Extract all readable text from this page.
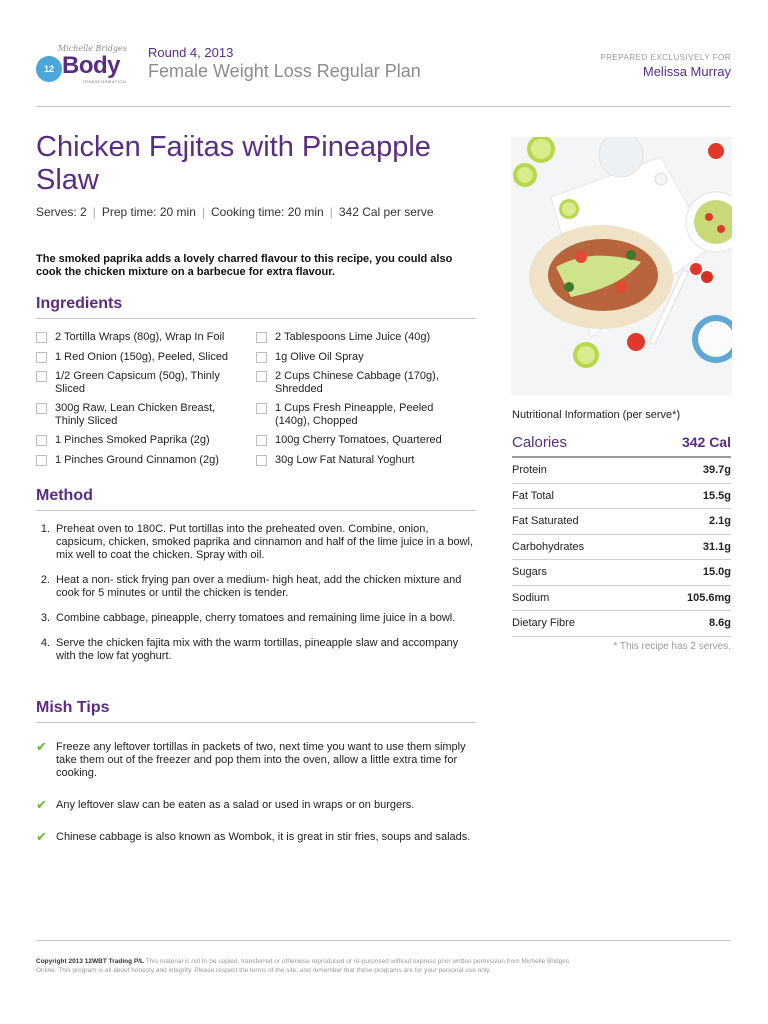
Michelle Bridges
12 WEEK
Body
TRANSFORMATION
Round 4, 2013
Female Weight Loss Regular Plan
PREPARED EXCLUSIVELY FOR
Melissa Murray
Chicken Fajitas with Pineapple Slaw
Serves: 2 | Prep time: 20 min | Cooking time: 20 min | 342 Cal per serve

The smoked paprika adds a lovely charred flavour to this recipe, you could also cook the chicken mixture on a barbecue for extra flavour.

Ingredients
2 Tortilla Wraps (80g), Wrap In Foil
1 Red Onion (150g), Peeled, Sliced
1/2 Green Capsicum (50g), Thinly Sliced
300g Raw, Lean Chicken Breast, Thinly Sliced
1 Pinches Smoked Paprika (2g)
1 Pinches Ground Cinnamon (2g)
2 Tablespoons Lime Juice (40g)
1g Olive Oil Spray
2 Cups Chinese Cabbage (170g), Shredded
1 Cups Fresh Pineapple, Peeled (140g), Chopped
100g Cherry Tomatoes, Quartered
30g Low Fat Natural Yoghurt
Method
1. Preheat oven to 180C. Put tortillas into the preheated oven. Combine, onion, capsicum, chicken, smoked paprika and cinnamon and half of the lime juice in a bowl, mix well to coat the chicken. Spray with oil.
2. Heat a non- stick frying pan over a medium- high heat, add the chicken mixture and cook for 5 minutes or until the chicken is tender.
3. Combine cabbage, pineapple, cherry tomatoes and remaining lime juice in a bowl.
4. Serve the chicken fajita mix with the warm tortillas, pineapple slaw and accompany with the low fat yoghurt.
Mish Tips
✔ Freeze any leftover tortillas in packets of two, next time you want to use them simply take them out of the freezer and pop them into the oven, allow a little extra time for cooking.
✔ Any leftover slaw can be eaten as a salad or used in wraps or on burgers.
✔ Chinese cabbage is also known as Wombok, it is great in stir fries, soups and salads.
Nutritional Information (per serve*)
Calories	342 Cal
Protein	39.7g
Fat Total	15.5g
Fat Saturated	2.1g
Carbohydrates	31.1g
Sugars	15.0g
Sodium	105.6mg
Dietary Fibre	8.6g
* This recipe has 2 serves.

Copyright 2013 12WBT Trading P/L This material is not to be copied, transferred or otherwise reproduced or re-purposed without express prior written permission from Michelle Bridges Online. This program is all about honesty and integrity. Please respect the terms of the site, and remember that these programs are for your personal use only.
